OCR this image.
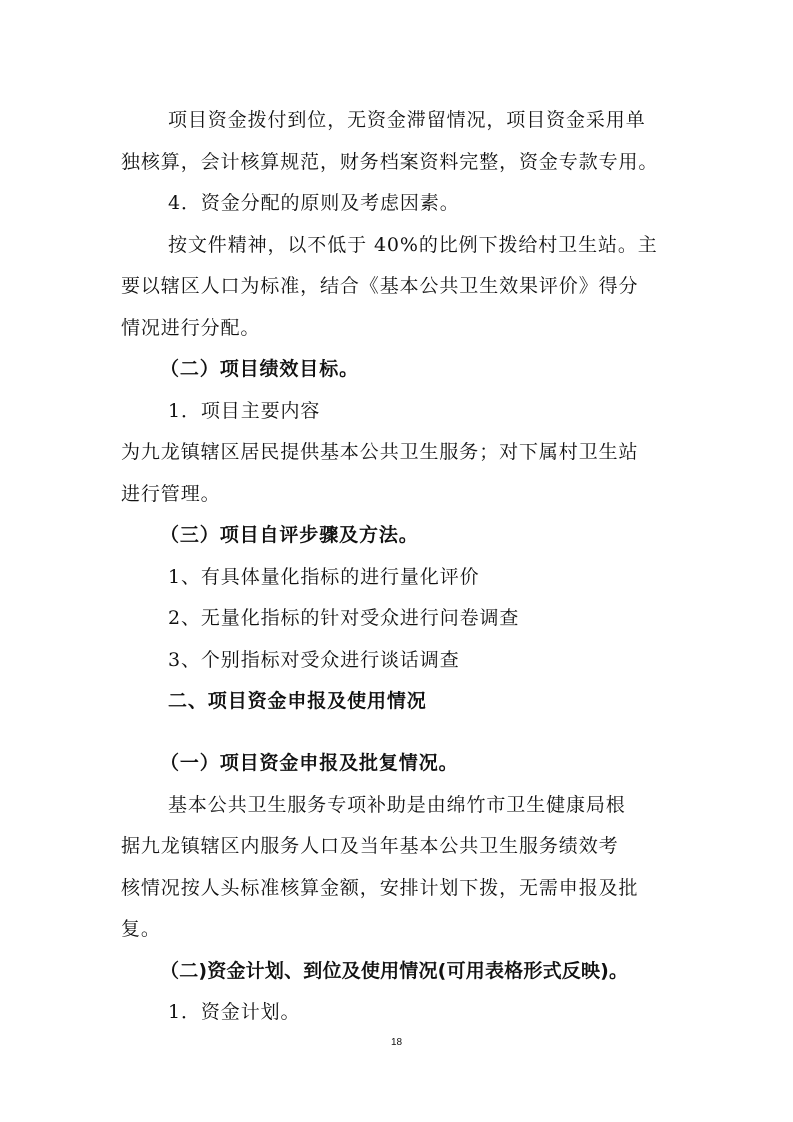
项目资金拨付到位，无资金滞留情况，项目资金采用单
独核算，会计核算规范，财务档案资料完整，资金专款专用。
4．资金分配的原则及考虑因素。
按文件精神，以不低于 40%的比例下拨给村卫生站。主
要以辖区人口为标准，结合《基本公共卫生效果评价》得分
情况进行分配。
（二）项目绩效目标。
1．项目主要内容
为九龙镇辖区居民提供基本公共卫生服务；对下属村卫生站
进行管理。
（三）项目自评步骤及方法。
1、有具体量化指标的进行量化评价
2、无量化指标的针对受众进行问卷调查
3、个别指标对受众进行谈话调查
二、项目资金申报及使用情况
（一）项目资金申报及批复情况。
基本公共卫生服务专项补助是由绵竹市卫生健康局根
据九龙镇辖区内服务人口及当年基本公共卫生服务绩效考
核情况按人头标准核算金额，安排计划下拨，无需申报及批
复。
（二)资金计划、到位及使用情况(可用表格形式反映)。
1．资金计划。
18
